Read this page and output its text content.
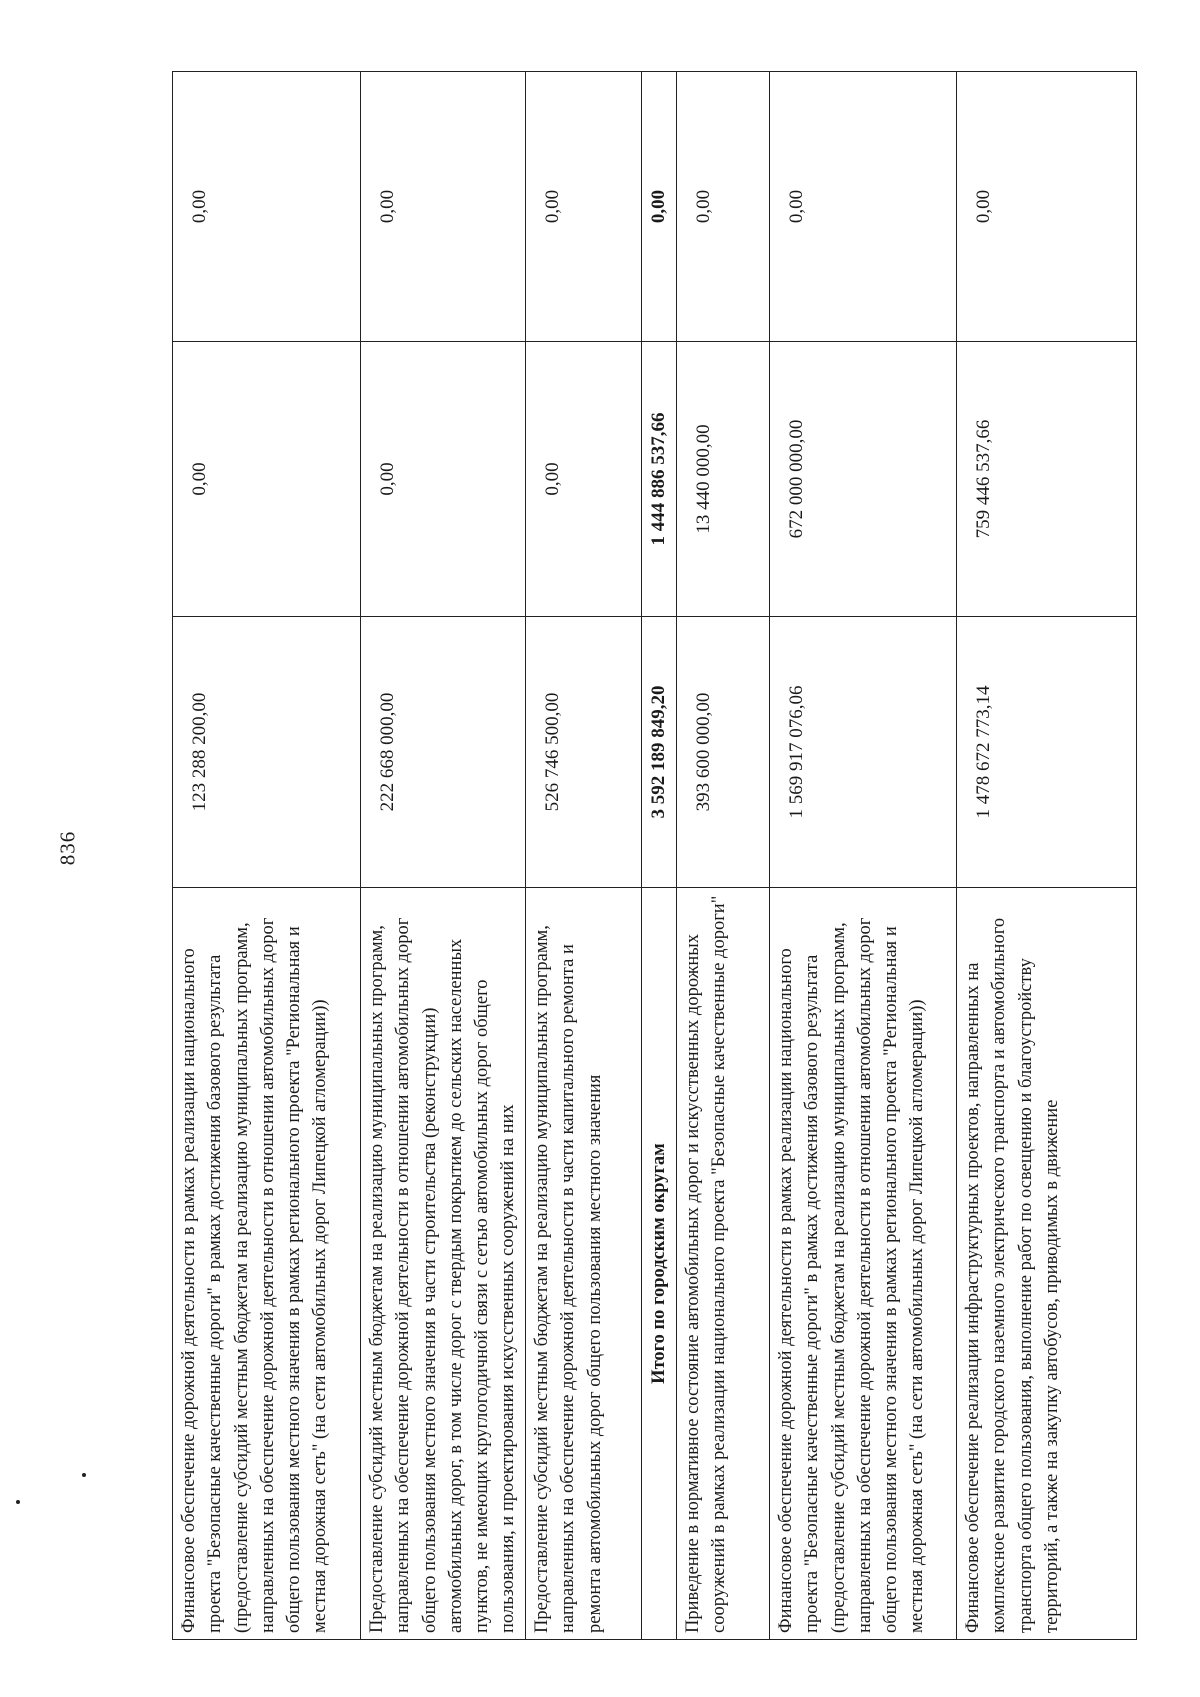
836
Финансовое обеспечение дорожной деятельности в рамках реализации национального проекта "Безопасные качественные дороги" в рамках достижения базового результата (предоставление субсидий местным бюджетам на реализацию муниципальных программ, направленных на обеспечение дорожной деятельности в отношении автомобильных дорог общего пользования местного значения в рамках регионального проекта "Региональная и местная дорожная сеть" (на сети автомобильных дорог Липецкой агломерации))	123 288 200,00	0,00	0,00
Предоставление субсидий местным бюджетам на реализацию муниципальных программ, направленных на обеспечение дорожной деятельности в отношении автомобильных дорог общего пользования местного значения в части строительства (реконструкции) автомобильных дорог, в том числе дорог с твердым покрытием до сельских населенных пунктов, не имеющих круглогодичной связи с сетью автомобильных дорог общего пользования, и проектирования искусственных сооружений на них	222 668 000,00	0,00	0,00
Предоставление субсидий местным бюджетам на реализацию муниципальных программ, направленных на обеспечение дорожной деятельности в части капитального ремонта и ремонта автомобильных дорог общего пользования местного значения	526 746 500,00	0,00	0,00
Итого по городским округам	3 592 189 849,20	1 444 886 537,66	0,00
Приведение в нормативное состояние автомобильных дорог и искусственных дорожных сооружений в рамках реализации национального проекта "Безопасные качественные дороги"	393 600 000,00	13 440 000,00	0,00
Финансовое обеспечение дорожной деятельности в рамках реализации национального проекта "Безопасные качественные дороги" в рамках достижения базового результата (предоставление субсидий местным бюджетам на реализацию муниципальных программ, направленных на обеспечение дорожной деятельности в отношении автомобильных дорог общего пользования местного значения в рамках регионального проекта "Региональная и местная дорожная сеть" (на сети автомобильных дорог Липецкой агломерации))	1 569 917 076,06	672 000 000,00	0,00
Финансовое обеспечение реализации инфраструктурных проектов, направленных на комплексное развитие городского наземного электрического транспорта и автомобильного транспорта общего пользования, выполнение работ по освещению и благоустройству территорий, а также на закупку автобусов, приводимых в движение	1 478 672 773,14	759 446 537,66	0,00
